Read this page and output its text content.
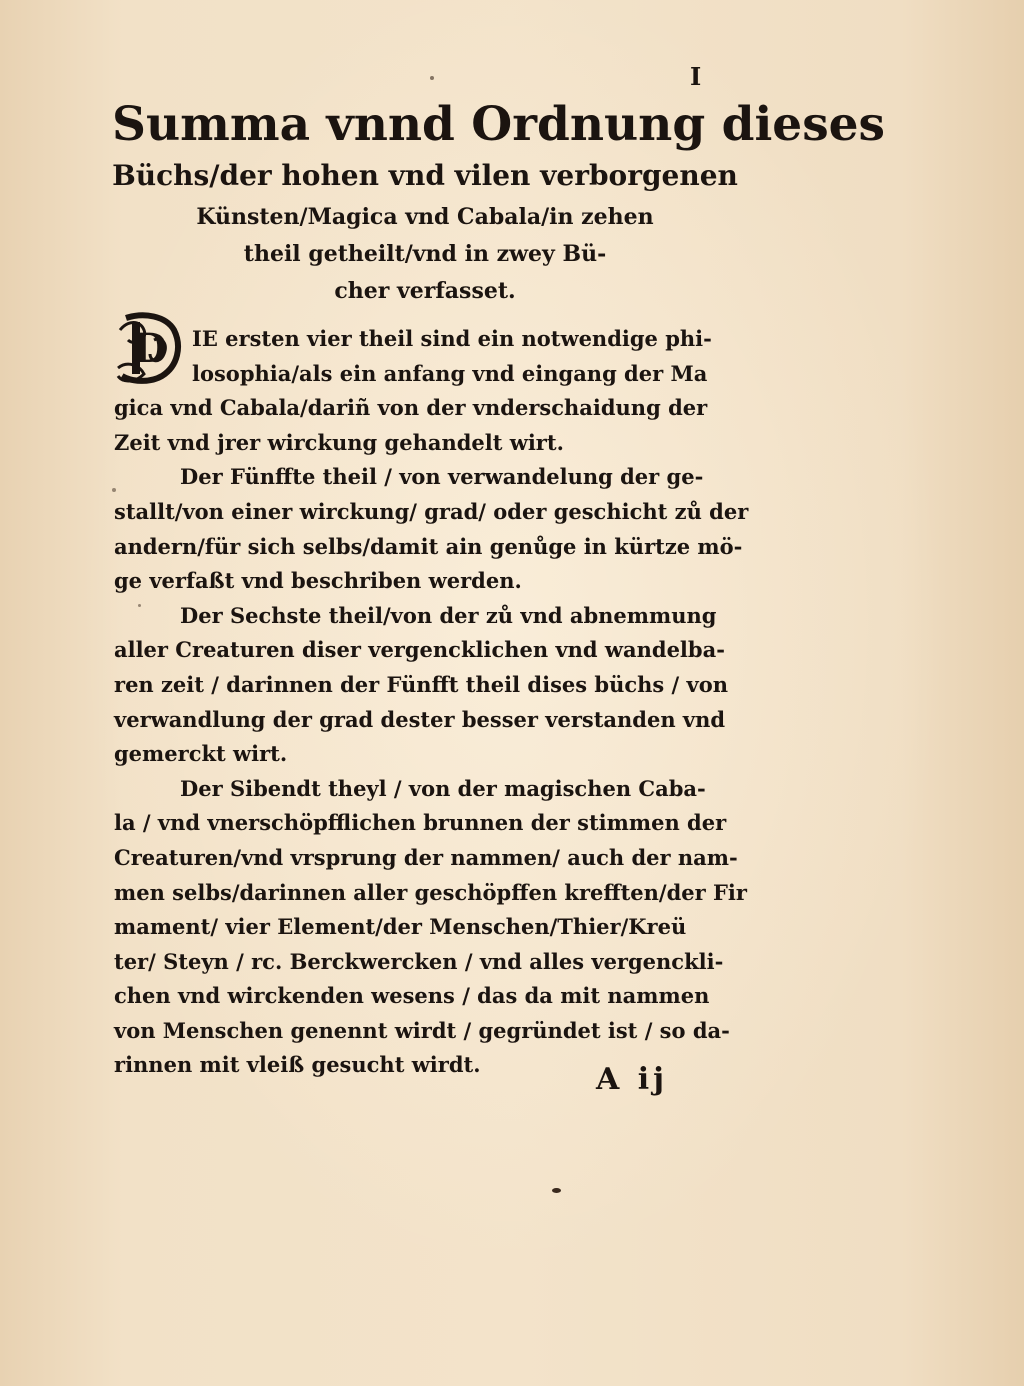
I
Summa vnnd Ordnung dieses
Büchs/der hohen vnd vilen verborgenen
Künsten/Magica vnd Cabala/in zehen
theil getheilt/vnd in zwey Bü-
cher verfasset.
D	IE ersten vier theil sind ein notwendige phi-
losophia/als ein anfang vnd eingang der Ma
gica vnd Cabala/dariñ von der vnderschaidung der
Zeit vnd jrer wirckung gehandelt wirt.
Der Fünffte theil / von verwandelung der ge-
stallt/von einer wirckung/ grad/ oder geschicht zů der
andern/für sich selbs/damit ain genůge in kürtze mö-
ge verfaßt vnd beschriben werden.
Der Sechste theil/von der zů vnd abnemmung
aller Creaturen diser vergencklichen vnd wandelba-
ren zeit / darinnen der Fünfft theil dises büchs / von
verwandlung der grad dester besser verstanden vnd
gemerckt wirt.
Der Sibendt theyl / von der magischen Caba-
la / vnd vnerschöpfflichen brunnen der stimmen der
Creaturen/vnd vrsprung der nammen/ auch der nam-
men selbs/darinnen aller geschöpffen krefften/der Fir
mament/ vier Element/der Menschen/Thier/Kreü
ter/ Steyn / rc. Berckwercken / vnd alles vergenckli-
chen vnd wirckenden wesens / das da mit nammen
von Menschen genennt wirdt / gegründet ist / so da-
rinnen mit vleiß gesucht wirdt.	A ij
